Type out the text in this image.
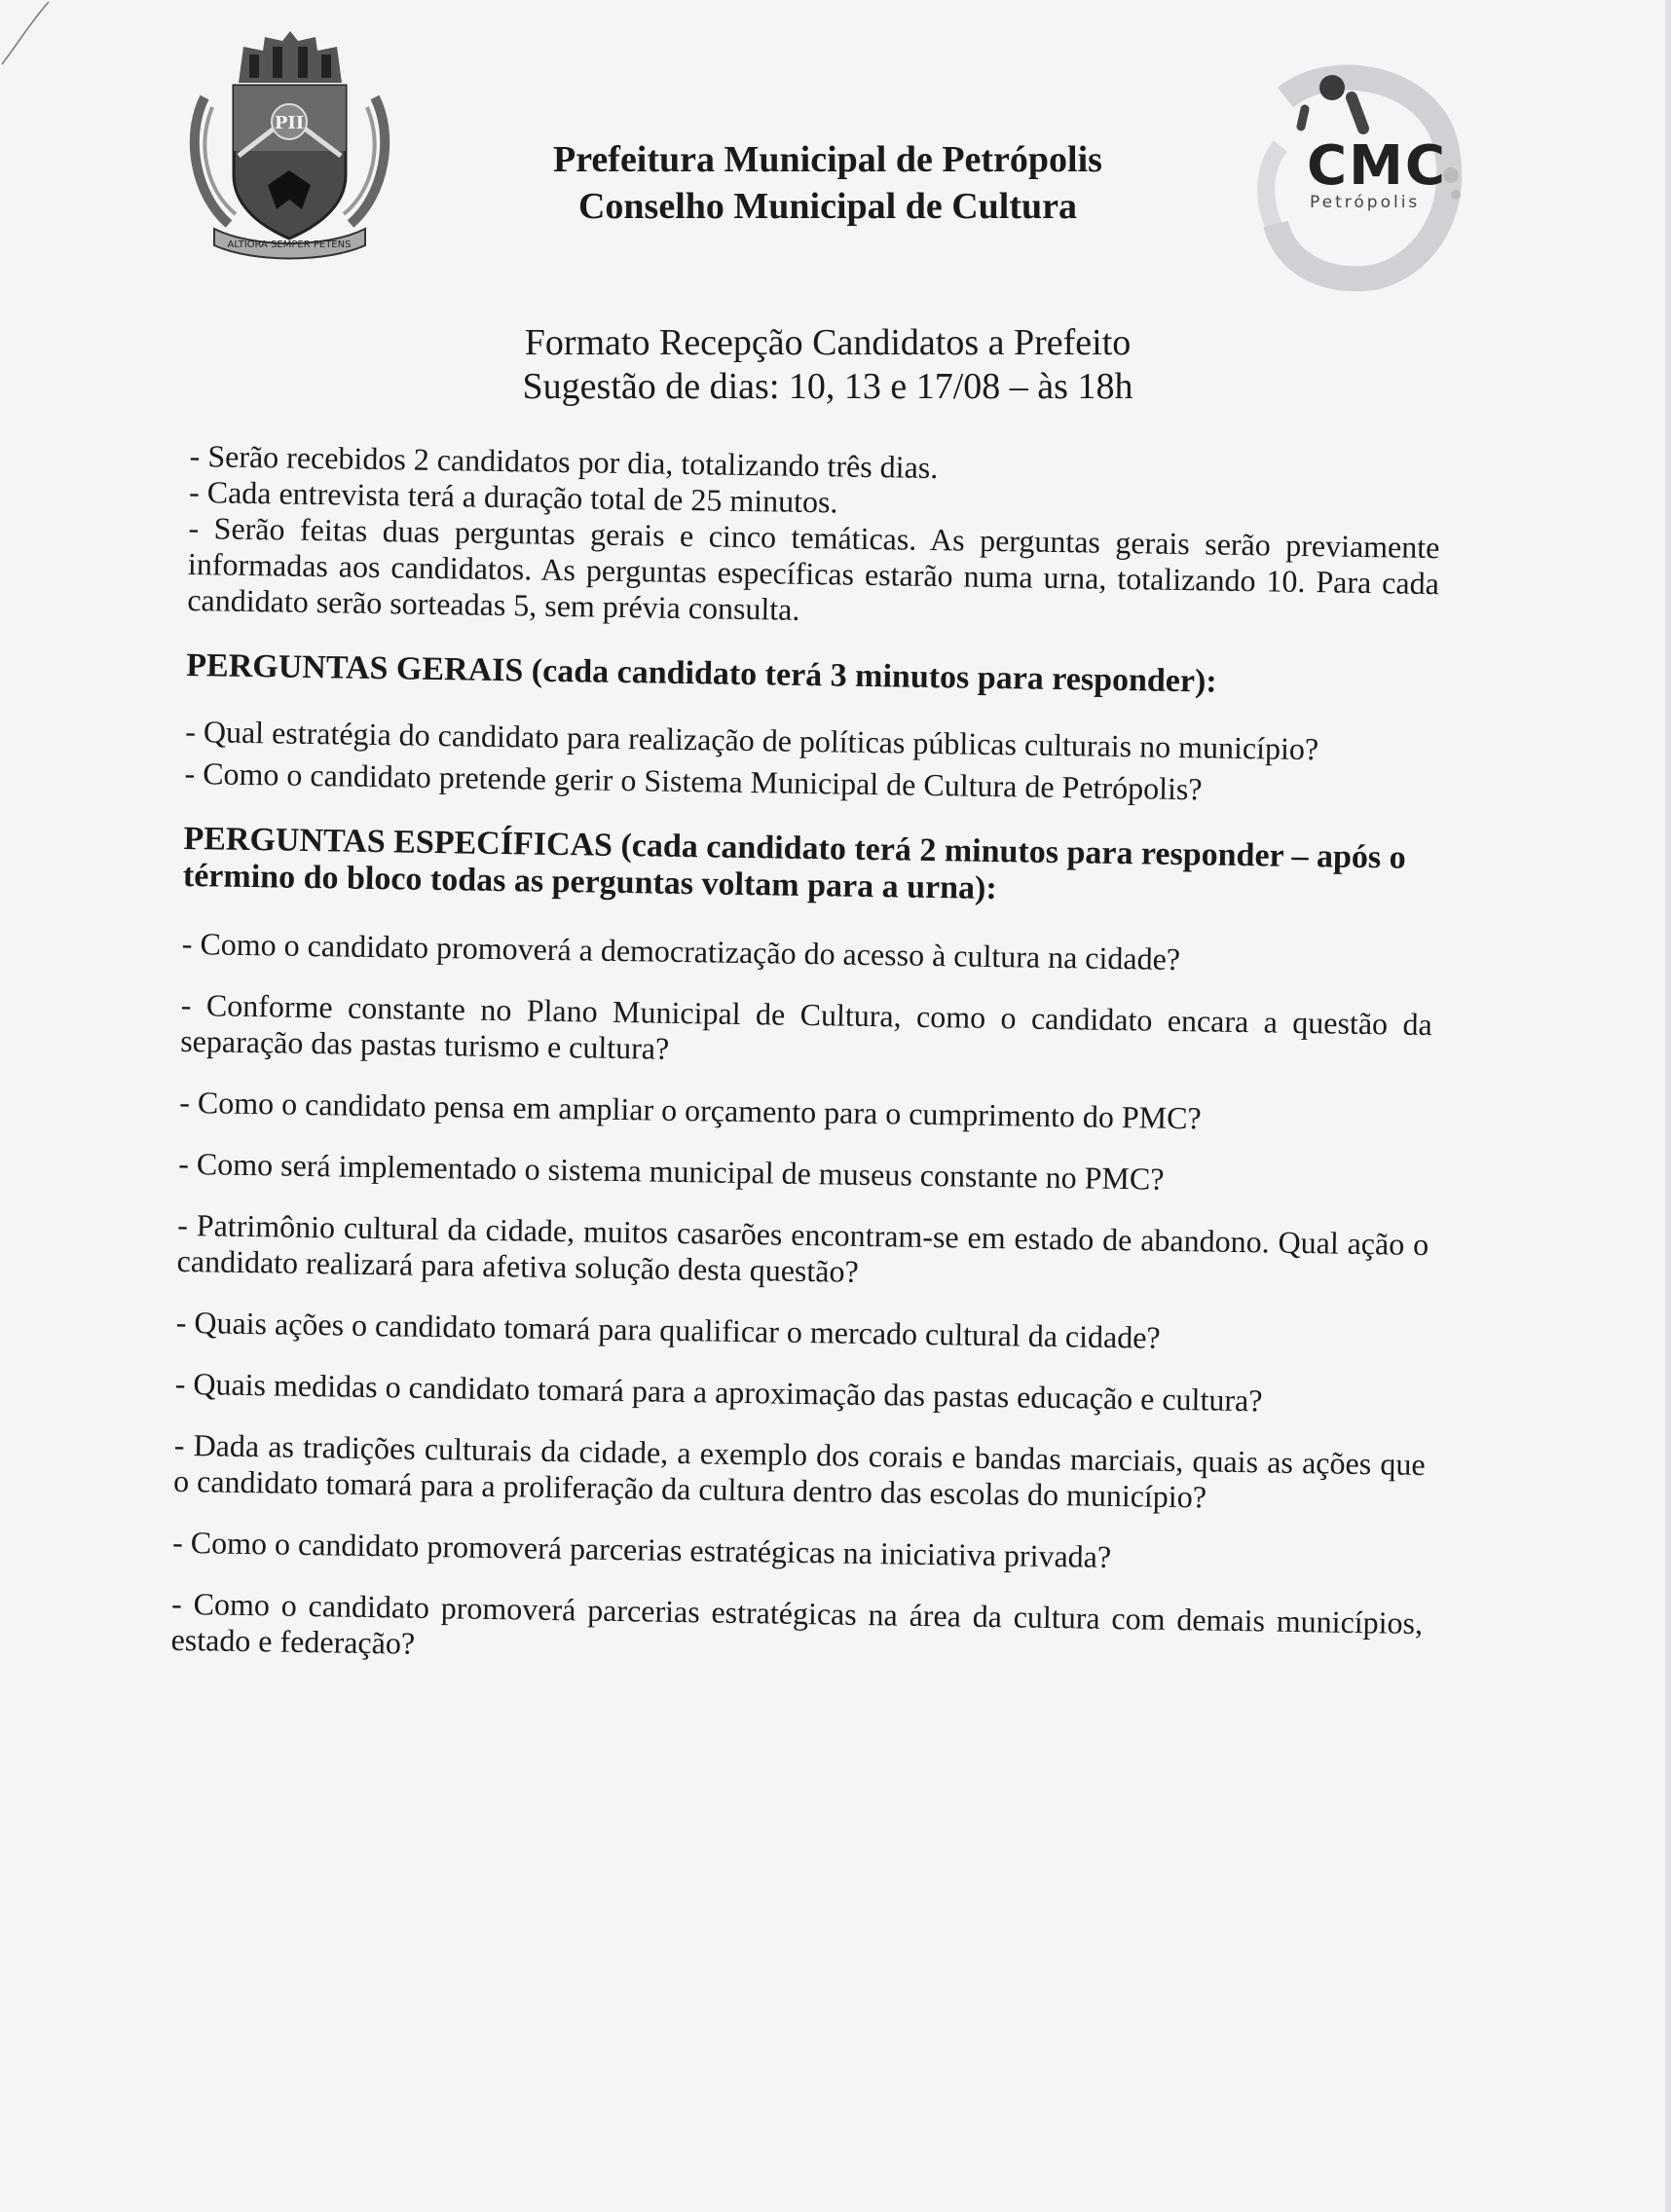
PII
ALTIORA SEMPER PETENS
Prefeitura Municipal de Petrópolis
Conselho Municipal de Cultura
CMC
Petrópolis
Formato Recepção Candidatos a Prefeito
Sugestão de dias: 10, 13 e 17/08 – às 18h

- Serão recebidos 2 candidatos por dia, totalizando três dias.

- Cada entrevista terá a duração total de 25 minutos.

- Serão feitas duas perguntas gerais e cinco temáticas. As perguntas gerais serão previamente informadas aos candidatos. As perguntas específicas estarão numa urna, totalizando 10. Para cada candidato serão sorteadas 5, sem prévia consulta.

PERGUNTAS GERAIS (cada candidato terá 3 minutos para responder):

- Qual estratégia do candidato para realização de políticas públicas culturais no município?

- Como o candidato pretende gerir o Sistema Municipal de Cultura de Petrópolis?

PERGUNTAS ESPECÍFICAS (cada candidato terá 2 minutos para responder – após o término do bloco todas as perguntas voltam para a urna):

- Como o candidato promoverá a democratização do acesso à cultura na cidade?

- Conforme constante no Plano Municipal de Cultura, como o candidato encara a questão da separação das pastas turismo e cultura?

- Como o candidato pensa em ampliar o orçamento para o cumprimento do PMC?

- Como será implementado o sistema municipal de museus constante no PMC?

- Patrimônio cultural da cidade, muitos casarões encontram-se em estado de abandono. Qual ação o candidato realizará para afetiva solução desta questão?

- Quais ações o candidato tomará para qualificar o mercado cultural da cidade?

- Quais medidas o candidato tomará para a aproximação das pastas educação e cultura?

- Dada as tradições culturais da cidade, a exemplo dos corais e bandas marciais, quais as ações que o candidato tomará para a proliferação da cultura dentro das escolas do município?

- Como o candidato promoverá parcerias estratégicas na iniciativa privada?

- Como o candidato promoverá parcerias estratégicas na área da cultura com demais municípios, estado e federação?
